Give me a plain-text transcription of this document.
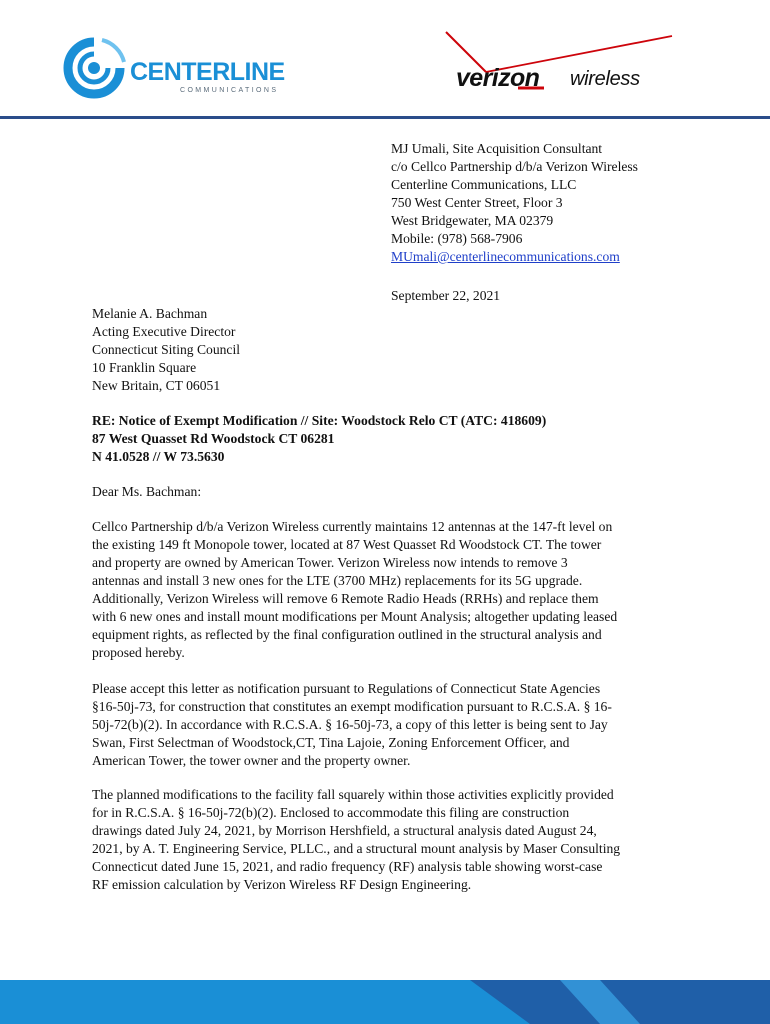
CENTERLINE
COMMUNICATIONS	verizon wireless
MJ Umali, Site Acquisition Consultant
c/o Cellco Partnership d/b/a Verizon Wireless
Centerline Communications, LLC
750 West Center Street, Floor 3
West Bridgewater, MA 02379
Mobile: (978) 568-7906
MUmali@centerlinecommunications.com
September 22, 2021
Melanie A. Bachman
Acting Executive Director
Connecticut Siting Council
10 Franklin Square
New Britain, CT 06051
RE: Notice of Exempt Modification // Site: Woodstock Relo CT (ATC: 418609)
87 West Quasset Rd Woodstock CT 06281
N 41.0528 // W 73.5630
Dear Ms. Bachman:
Cellco Partnership d/b/a Verizon Wireless currently maintains 12 antennas at the 147-ft level on
the existing 149 ft Monopole tower, located at 87 West Quasset Rd Woodstock CT. The tower
and property are owned by American Tower. Verizon Wireless now intends to remove 3
antennas and install 3 new ones for the LTE (3700 MHz) replacements for its 5G upgrade.
Additionally, Verizon Wireless will remove 6 Remote Radio Heads (RRHs) and replace them
with 6 new ones and install mount modifications per Mount Analysis; altogether updating leased
equipment rights, as reflected by the final configuration outlined in the structural analysis and
proposed hereby.
Please accept this letter as notification pursuant to Regulations of Connecticut State Agencies
§16-50j-73, for construction that constitutes an exempt modification pursuant to R.C.S.A. § 16-
50j-72(b)(2). In accordance with R.C.S.A. § 16-50j-73, a copy of this letter is being sent to Jay
Swan, First Selectman of Woodstock,CT, Tina Lajoie, Zoning Enforcement Officer, and
American Tower, the tower owner and the property owner.
The planned modifications to the facility fall squarely within those activities explicitly provided
for in R.C.S.A. § 16-50j-72(b)(2). Enclosed to accommodate this filing are construction
drawings dated July 24, 2021, by Morrison Hershfield, a structural analysis dated August 24,
2021, by A. T. Engineering Service, PLLC., and a structural mount analysis by Maser Consulting
Connecticut dated June 15, 2021, and radio frequency (RF) analysis table showing worst-case
RF emission calculation by Verizon Wireless RF Design Engineering.
